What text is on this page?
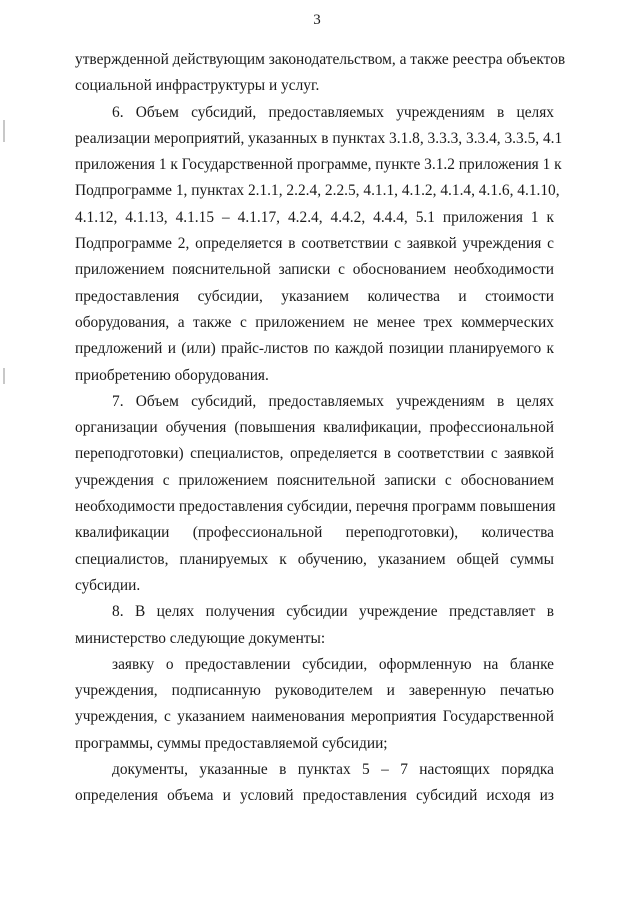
3
утвержденной действующим законодательством, а также реестра объектов
социальной инфраструктуры и услуг.
6. Объем субсидий, предоставляемых учреждениям в целях
реализации мероприятий, указанных в пунктах 3.1.8, 3.3.3, 3.3.4, 3.3.5, 4.1
приложения 1 к Государственной программе, пункте 3.1.2 приложения 1 к
Подпрограмме 1, пунктах 2.1.1, 2.2.4, 2.2.5, 4.1.1, 4.1.2, 4.1.4, 4.1.6, 4.1.10,
4.1.12, 4.1.13, 4.1.15 – 4.1.17, 4.2.4, 4.4.2, 4.4.4, 5.1 приложения 1 к
Подпрограмме 2, определяется в соответствии с заявкой учреждения с
приложением пояснительной записки с обоснованием необходимости
предоставления субсидии, указанием количества и стоимости
оборудования, а также с приложением не менее трех коммерческих
предложений и (или) прайс-листов по каждой позиции планируемого к
приобретению оборудования.
7. Объем субсидий, предоставляемых учреждениям в целях
организации обучения (повышения квалификации, профессиональной
переподготовки) специалистов, определяется в соответствии с заявкой
учреждения с приложением пояснительной записки с обоснованием
необходимости предоставления субсидии, перечня программ повышения
квалификации (профессиональной переподготовки), количества
специалистов, планируемых к обучению, указанием общей суммы
субсидии.
8. В целях получения субсидии учреждение представляет в
министерство следующие документы:
заявку о предоставлении субсидии, оформленную на бланке
учреждения, подписанную руководителем и заверенную печатью
учреждения, с указанием наименования мероприятия Государственной
программы, суммы предоставляемой субсидии;
документы, указанные в пунктах 5 – 7 настоящих порядка
определения объема и условий предоставления субсидий исходя из
